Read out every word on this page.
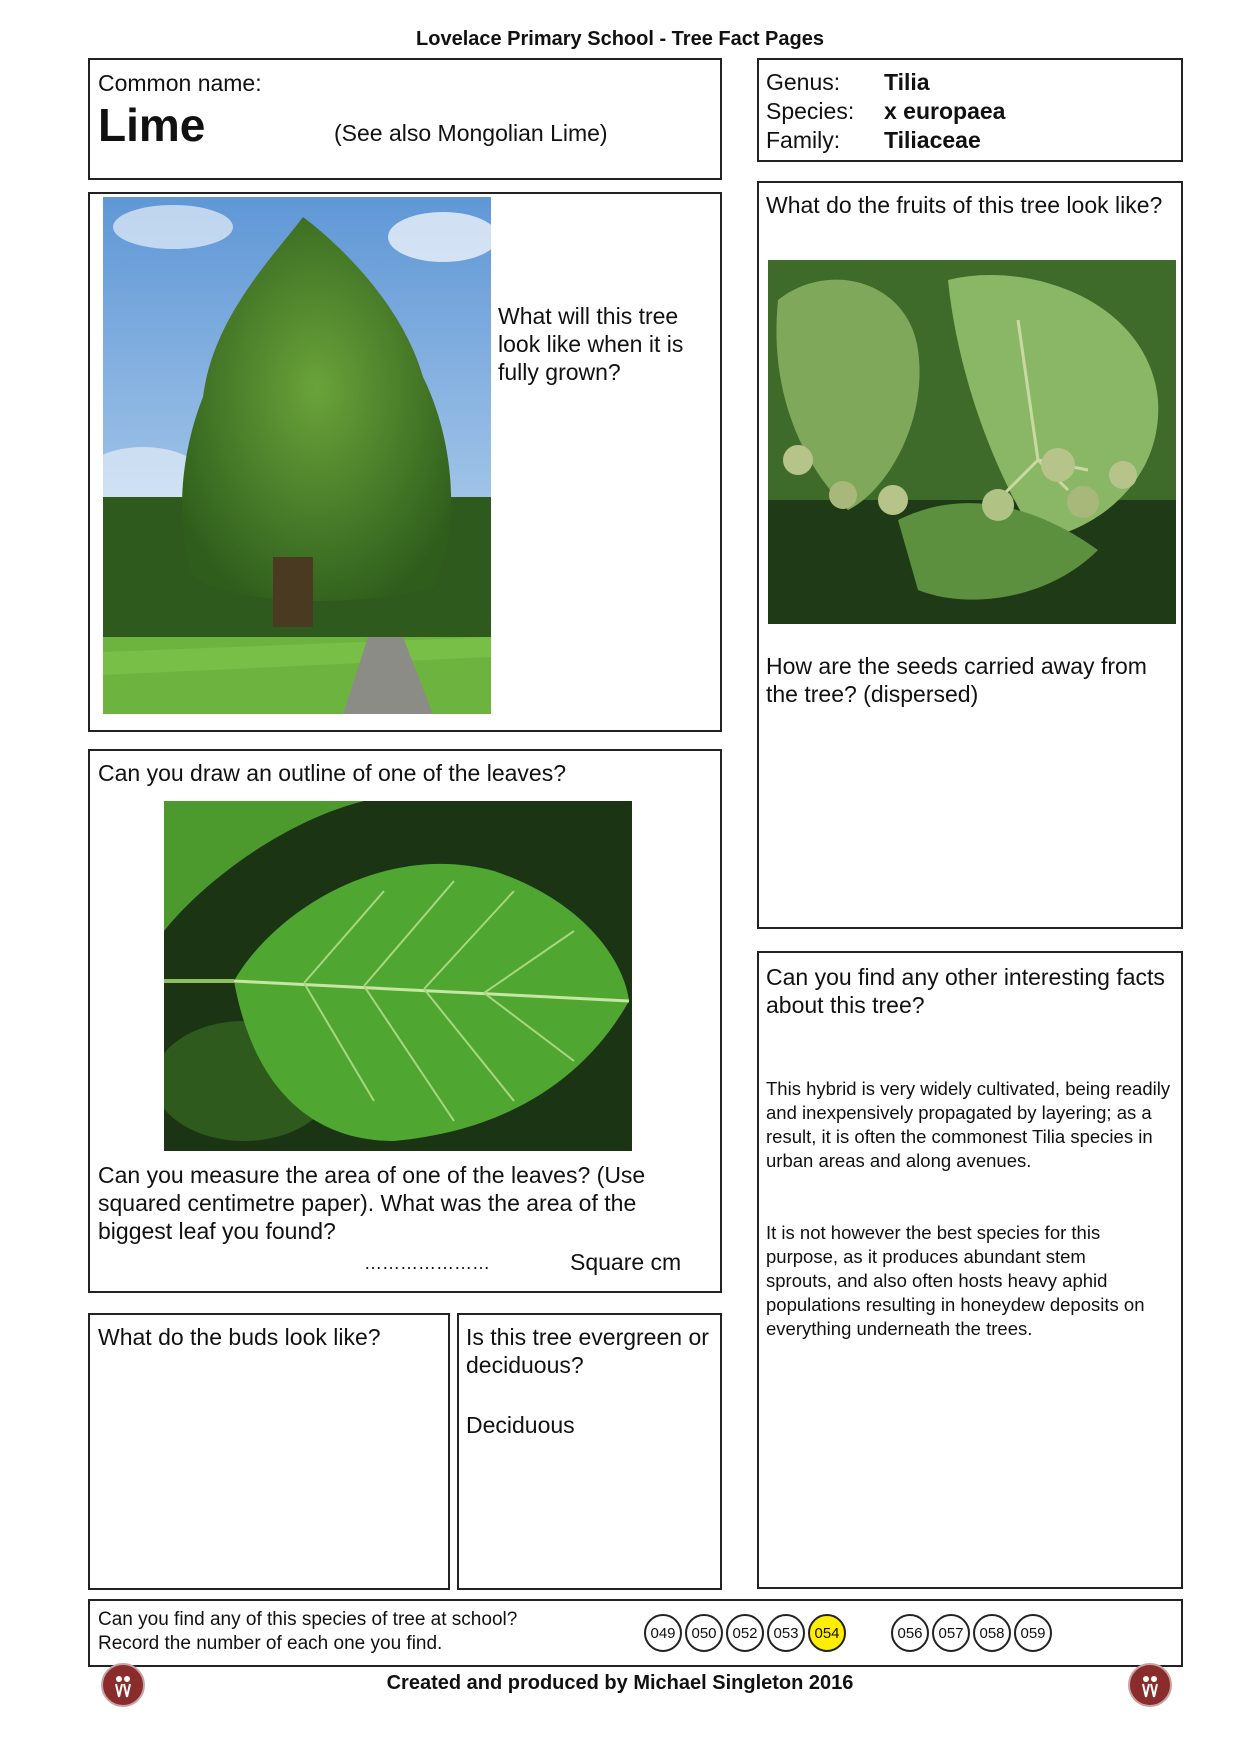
Lovelace Primary School - Tree Fact Pages
Common name:
Lime	(See also Mongolian Lime)
Genus:	Tilia
Species:	x europaea
Family:	Tiliaceae
What will this tree look like when it is fully grown?
What do the fruits of this tree look like?
How are the seeds carried away from the tree? (dispersed)
Can you draw an outline of one of the leaves?
Can you measure the area of one of the leaves? (Use squared centimetre paper). What was the area of the biggest leaf you found?
…………………	Square cm
Can you find any other interesting facts about this tree?
This hybrid is very widely cultivated, being readily and inexpensively propagated by layering; as a result, it is often the commonest Tilia species in urban areas and along avenues.
It is not however the best species for this purpose, as it produces abundant stem sprouts, and also often hosts heavy aphid populations resulting in honeydew deposits on everything underneath the trees.
What do the buds look like?	Is this tree evergreen or deciduous?
Deciduous
Can you find any of this species of tree at school?
Record the number of each one you find.	049	050	052	053	054	056	057	058	059
Created and produced by Michael Singleton 2016
